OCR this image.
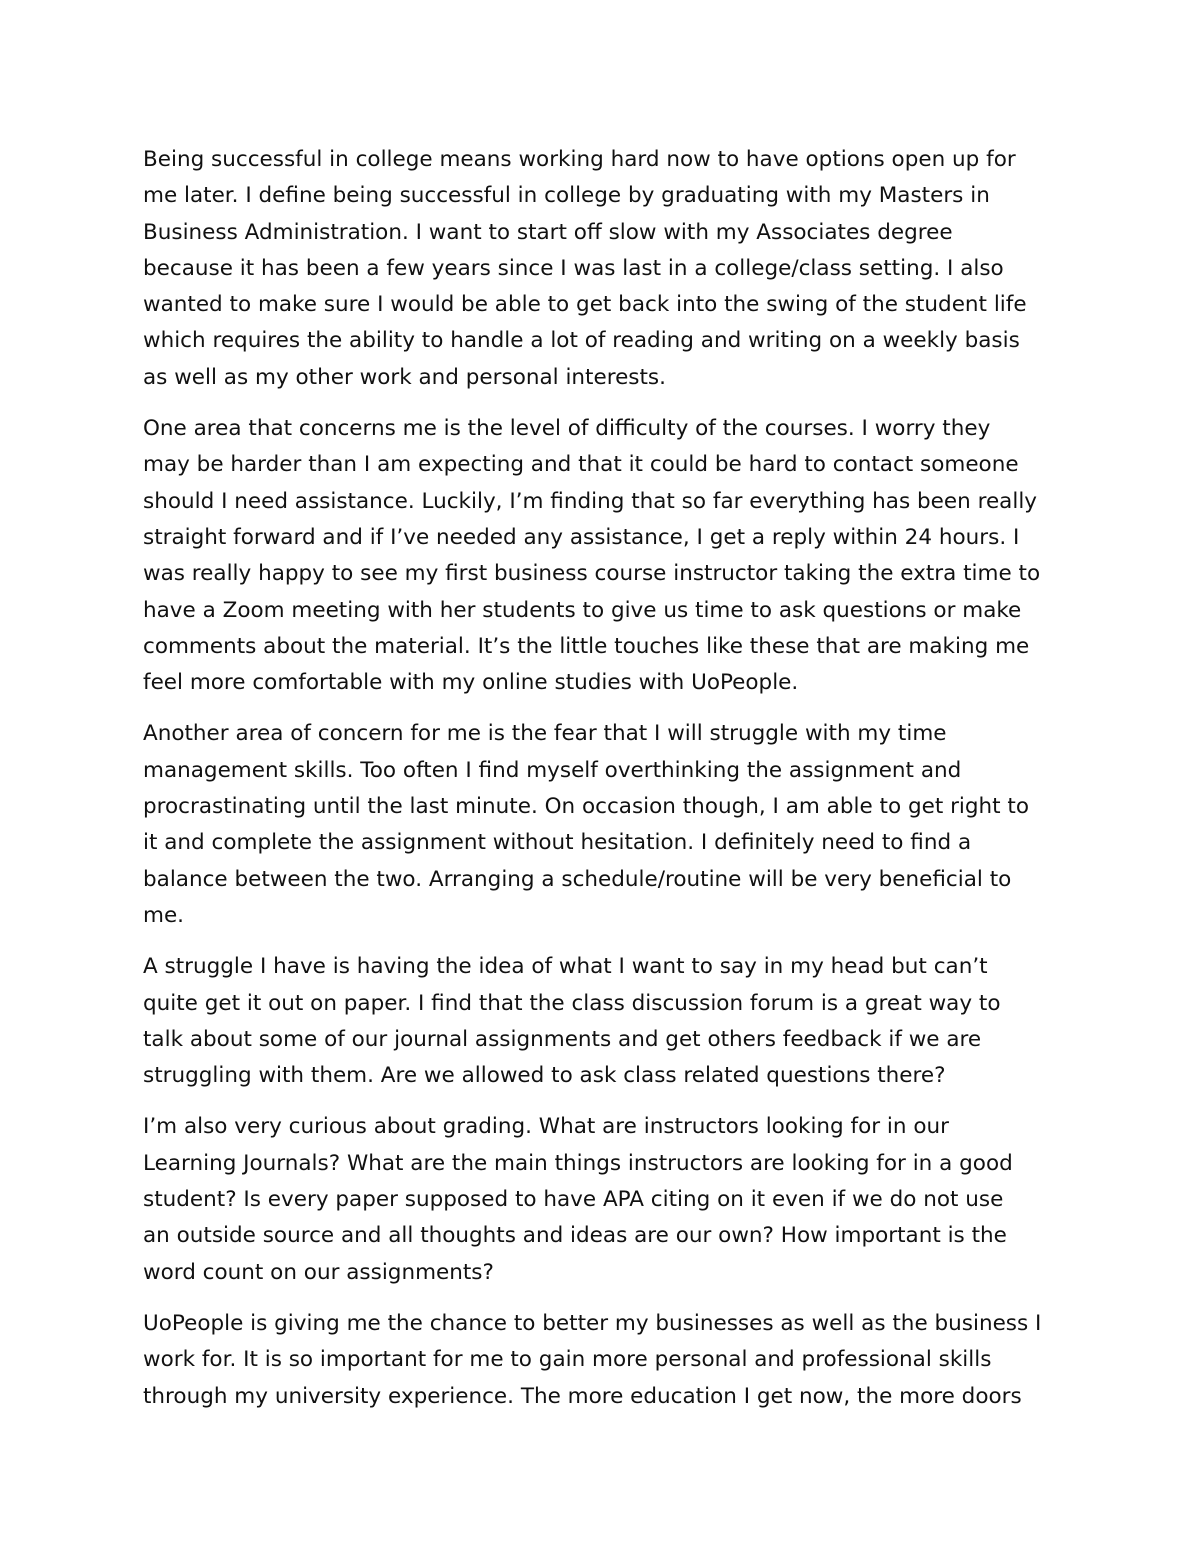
Being successful in college means working hard now to have options open up for
me later. I define being successful in college by graduating with my Masters in
Business Administration. I want to start off slow with my Associates degree
because it has been a few years since I was last in a college/class setting. I also
wanted to make sure I would be able to get back into the swing of the student life
which requires the ability to handle a lot of reading and writing on a weekly basis
as well as my other work and personal interests.
One area that concerns me is the level of difficulty of the courses. I worry they
may be harder than I am expecting and that it could be hard to contact someone
should I need assistance. Luckily, I’m finding that so far everything has been really
straight forward and if I’ve needed any assistance, I get a reply within 24 hours. I
was really happy to see my first business course instructor taking the extra time to
have a Zoom meeting with her students to give us time to ask questions or make
comments about the material. It’s the little touches like these that are making me
feel more comfortable with my online studies with UoPeople.
Another area of concern for me is the fear that I will struggle with my time
management skills. Too often I find myself overthinking the assignment and
procrastinating until the last minute. On occasion though, I am able to get right to
it and complete the assignment without hesitation. I definitely need to find a
balance between the two. Arranging a schedule/routine will be very beneficial to
me.
A struggle I have is having the idea of what I want to say in my head but can’t
quite get it out on paper. I find that the class discussion forum is a great way to
talk about some of our journal assignments and get others feedback if we are
struggling with them. Are we allowed to ask class related questions there?
I’m also very curious about grading. What are instructors looking for in our
Learning Journals? What are the main things instructors are looking for in a good
student? Is every paper supposed to have APA citing on it even if we do not use
an outside source and all thoughts and ideas are our own? How important is the
word count on our assignments?
UoPeople is giving me the chance to better my businesses as well as the business I
work for. It is so important for me to gain more personal and professional skills
through my university experience. The more education I get now, the more doors
